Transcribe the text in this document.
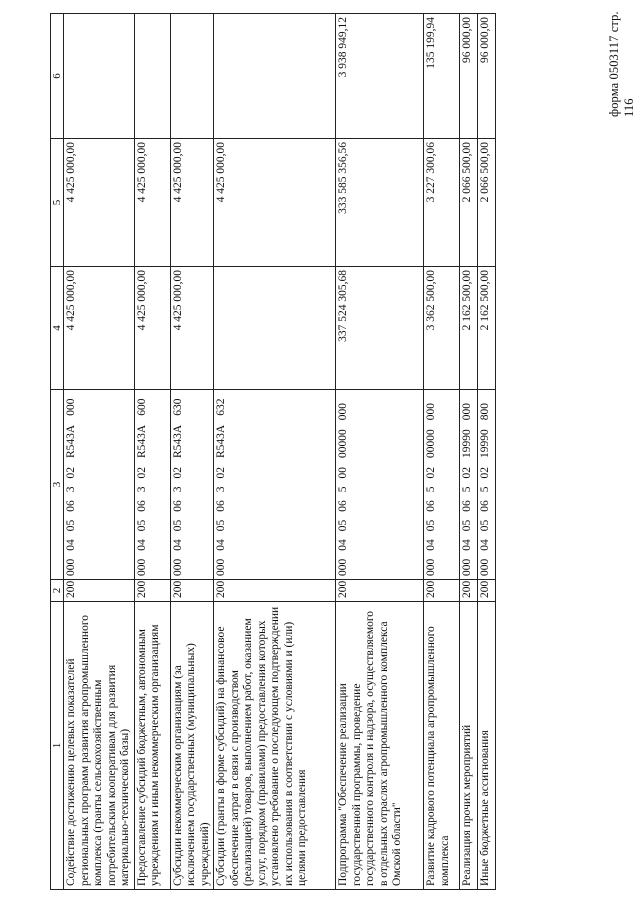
форма 0503117 стр. 116
1	2	3	4	5	6
Содействие достижению целевых показателей региональных программ развития агропромышленного комплекса (гранты сельскохозяйственным потребительским кооперативам для развития материально-технической базы)	200	000040506302R543A000	4 425 000,00	4 425 000,00	
Предоставление субсидий бюджетным, автономным учреждениям и иным некоммерческим организациям	200	000040506302R543A600	4 425 000,00	4 425 000,00	
Субсидии некоммерческим организациям (за исключением государственных (муниципальных) учреждений)	200	000040506302R543A630	4 425 000,00	4 425 000,00	
Субсидии (гранты в форме субсидий) на финансовое обеспечение затрат в связи с производством (реализацией) товаров, выполнением работ, оказанием услуг, порядком (правилами) предоставления которых установлено требование о последующем подтверждении их использования в соответствии с условиями и (или) целями предоставления	200	000040506302R543A632		4 425 000,00	
Подпрограмма "Обеспечение реализации государственной программы, проведение государственного контроля и надзора, осуществляемого в отдельных отраслях агропромышленного комплекса Омской области"	200	00004050650000000000	337 524 305,68	333 585 356,56	3 938 949,12
Развитие кадрового потенциала агропромышленного комплекса	200	00004050650200000000	3 362 500,00	3 227 300,06	135 199,94
Реализация прочих мероприятий	200	00004050650219990000	2 162 500,00	2 066 500,00	96 000,00
Иные бюджетные ассигнования	200	00004050650219990800	2 162 500,00	2 066 500,00	96 000,00
